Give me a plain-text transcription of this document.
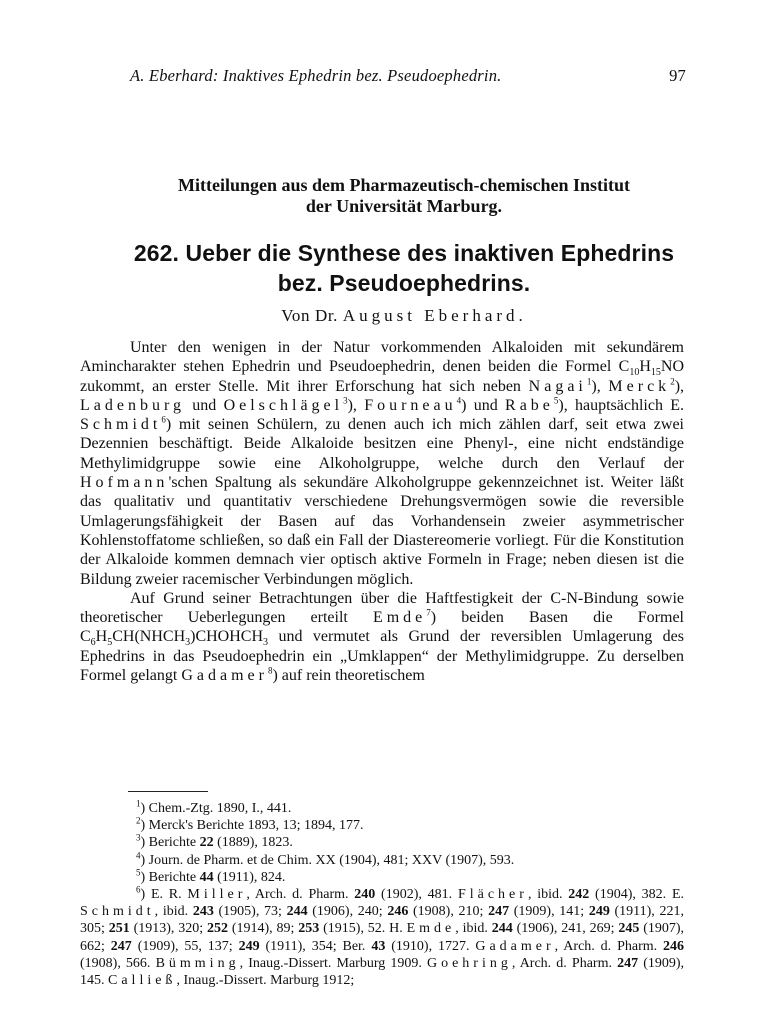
A. Eberhard: Inaktives Ephedrin bez. Pseudoephedrin.	97
Mitteilungen aus dem Pharmazeutisch-chemischen Institut
der Universität Marburg.
262. Ueber die Synthese des inaktiven Ephedrins
bez. Pseudoephedrins.
Von Dr. August Eberhard.

Unter den wenigen in der Natur vorkommenden Alkaloiden mit sekundärem Amincharakter stehen Ephedrin und Pseudoephedrin, denen beiden die Formel $C_{10}H_{15}NO$ zukommt, an erster Stelle. Mit ihrer Erforschung hat sich neben Nagai$^1$), Merck$^2$), Ladenburg und Oelschlägel$^3$), Fourneau$^4$) und Rabe$^5$), hauptsächlich E. Schmidt$^6$) mit seinen Schülern, zu denen auch ich mich zählen darf, seit etwa zwei Dezennien beschäftigt. Beide Alkaloide besitzen eine Phenyl-, eine nicht endständige Methylimidgruppe sowie eine Alkoholgruppe, welche durch den Verlauf der Hofmann'schen Spaltung als sekundäre Alkoholgruppe gekennzeichnet ist. Weiter läßt das qualitativ und quantitativ verschiedene Drehungsvermögen sowie die reversible Umlagerungsfähigkeit der Basen auf das Vorhandensein zweier asymmetrischer Kohlenstoffatome schließen, so daß ein Fall der Diastereomerie vorliegt. Für die Konstitution der Alkaloide kommen demnach vier optisch aktive Formeln in Frage; neben diesen ist die Bildung zweier racemischer Verbindungen möglich.

Auf Grund seiner Betrachtungen über die Haftfestigkeit der C-N-Bindung sowie theoretischer Ueberlegungen erteilt Emde$^7$) beiden Basen die Formel $C_6H_5CH(NHCH_3)CHOHCH_3$ und vermutet als Grund der reversiblen Umlagerung des Ephedrins in das Pseudoephedrin ein „Umklappen“ der Methylimidgruppe. Zu derselben Formel gelangt Gadamer$^8$) auf rein theoretischem

$^1$) Chem.-Ztg. 1890, I., 441.

$^2$) Merck's Berichte 1893, 13; 1894, 177.

$^3$) Berichte 22 (1889), 1823.

$^4$) Journ. de Pharm. et de Chim. XX (1904), 481; XXV (1907), 593.

$^5$) Berichte 44 (1911), 824.

$^6$) E. R. Miller, Arch. d. Pharm. 240 (1902), 481. Flächer, ibid. 242 (1904), 382. E. Schmidt, ibid. 243 (1905), 73; 244 (1906), 240; 246 (1908), 210; 247 (1909), 141; 249 (1911), 221, 305; 251 (1913), 320; 252 (1914), 89; 253 (1915), 52. H. Emde, ibid. 244 (1906), 241, 269; 245 (1907), 662; 247 (1909), 55, 137; 249 (1911), 354; Ber. 43 (1910), 1727. Gadamer, Arch. d. Pharm. 246 (1908), 566. Bümming, Inaug.-Dissert. Marburg 1909. Goehring, Arch. d. Pharm. 247 (1909), 145. Calließ, Inaug.-Dissert. Marburg 1912;
